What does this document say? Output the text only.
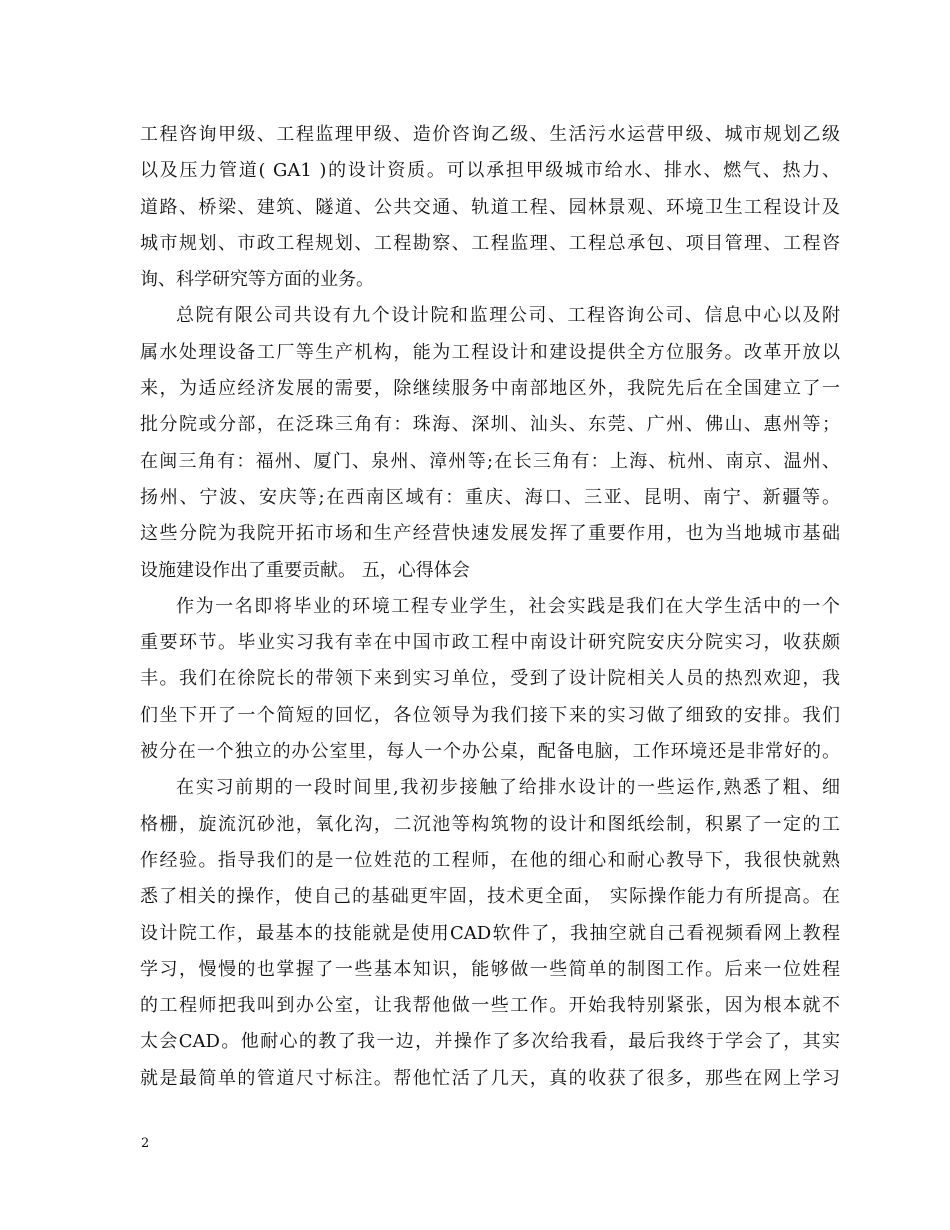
工程咨询甲级、工程监理甲级、造价咨询乙级、生活污水运营甲级、城市规划乙级
以及压力管道( GA1 )的设计资质。可以承担甲级城市给水、排水、燃气、热力、
道路、桥梁、建筑、隧道、公共交通、轨道工程、园林景观、环境卫生工程设计及
城市规划、市政工程规划、工程勘察、工程监理、工程总承包、项目管理、工程咨
询、科学研究等方面的业务。
总院有限公司共设有九个设计院和监理公司、工程咨询公司、信息中心以及附
属水处理设备工厂等生产机构，能为工程设计和建设提供全方位服务。改革开放以
来，为适应经济发展的需要，除继续服务中南部地区外，我院先后在全国建立了一
批分院或分部，在泛珠三角有：珠海、深圳、汕头、东莞、广州、佛山、惠州等；
在闽三角有：福州、厦门、泉州、漳州等;在长三角有：上海、杭州、南京、温州、
扬州、宁波、安庆等;在西南区域有：重庆、海口、三亚、昆明、南宁、新疆等。
这些分院为我院开拓市场和生产经营快速发展发挥了重要作用，也为当地城市基础
设施建设作出了重要贡献。 五，心得体会
作为一名即将毕业的环境工程专业学生，社会实践是我们在大学生活中的一个
重要环节。毕业实习我有幸在中国市政工程中南设计研究院安庆分院实习，收获颇
丰。我们在徐院长的带领下来到实习单位，受到了设计院相关人员的热烈欢迎，我
们坐下开了一个简短的回忆，各位领导为我们接下来的实习做了细致的安排。我们
被分在一个独立的办公室里，每人一个办公桌，配备电脑，工作环境还是非常好的。
在实习前期的一段时间里,我初步接触了给排水设计的一些运作,熟悉了粗、细
格栅，旋流沉砂池，氧化沟，二沉池等构筑物的设计和图纸绘制，积累了一定的工
作经验。指导我们的是一位姓范的工程师，在他的细心和耐心教导下，我很快就熟
悉了相关的操作，使自己的基础更牢固，技术更全面， 实际操作能力有所提高。在
设计院工作，最基本的技能就是使用CAD软件了，我抽空就自己看视频看网上教程
学习，慢慢的也掌握了一些基本知识，能够做一些简单的制图工作。后来一位姓程
的工程师把我叫到办公室，让我帮他做一些工作。开始我特别紧张，因为根本就不
太会CAD。他耐心的教了我一边，并操作了多次给我看，最后我终于学会了，其实
就是最简单的管道尺寸标注。帮他忙活了几天，真的收获了很多，那些在网上学习
2
